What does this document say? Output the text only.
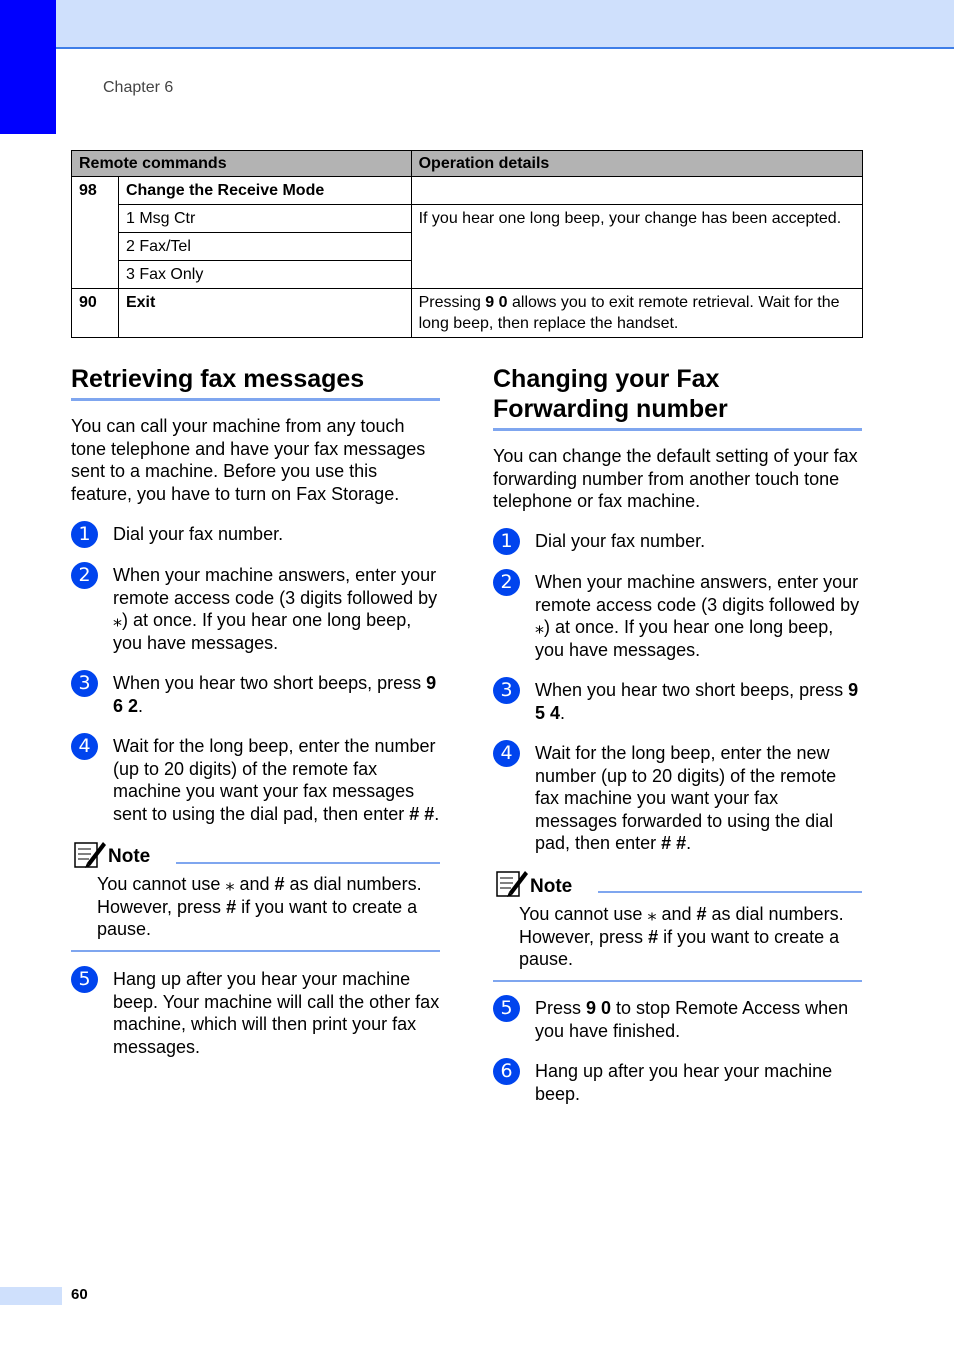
Chapter 6
Remote commands		Operation details
98	Change the Receive Mode	
	1 Msg Ctr	If you hear one long beep, your change has been accepted.
	2 Fax/Tel	
	3 Fax Only	
90	Exit	Pressing 9 0 allows you to exit remote retrieval. Wait for the long beep, then replace the handset.
Retrieving fax messages
You can call your machine from any touch tone telephone and have your fax messages sent to a machine. Before you use this feature, you have to turn on Fax Storage.
1	Dial your fax number.
2	When your machine answers, enter your remote access code (3 digits followed by ⁎) at once. If you hear one long beep, you have messages.
3	When you hear two short beeps, press 9 6 2.
4	Wait for the long beep, enter the number (up to 20 digits) of the remote fax machine you want your fax messages sent to using the dial pad, then enter # #.
Note
You cannot use ⁎ and # as dial numbers. However, press # if you want to create a pause.
5	Hang up after you hear your machine beep. Your machine will call the other fax machine, which will then print your fax messages.
Changing your Fax
Forwarding number
You can change the default setting of your fax forwarding number from another touch tone telephone or fax machine.
1	Dial your fax number.
2	When your machine answers, enter your remote access code (3 digits followed by ⁎) at once. If you hear one long beep, you have messages.
3	When you hear two short beeps, press 9 5 4.
4	Wait for the long beep, enter the new number (up to 20 digits) of the remote fax machine you want your fax messages forwarded to using the dial pad, then enter # #.
Note
You cannot use ⁎ and # as dial numbers. However, press # if you want to create a pause.
5	Press 9 0 to stop Remote Access when you have finished.
6	Hang up after you hear your machine beep.
60
